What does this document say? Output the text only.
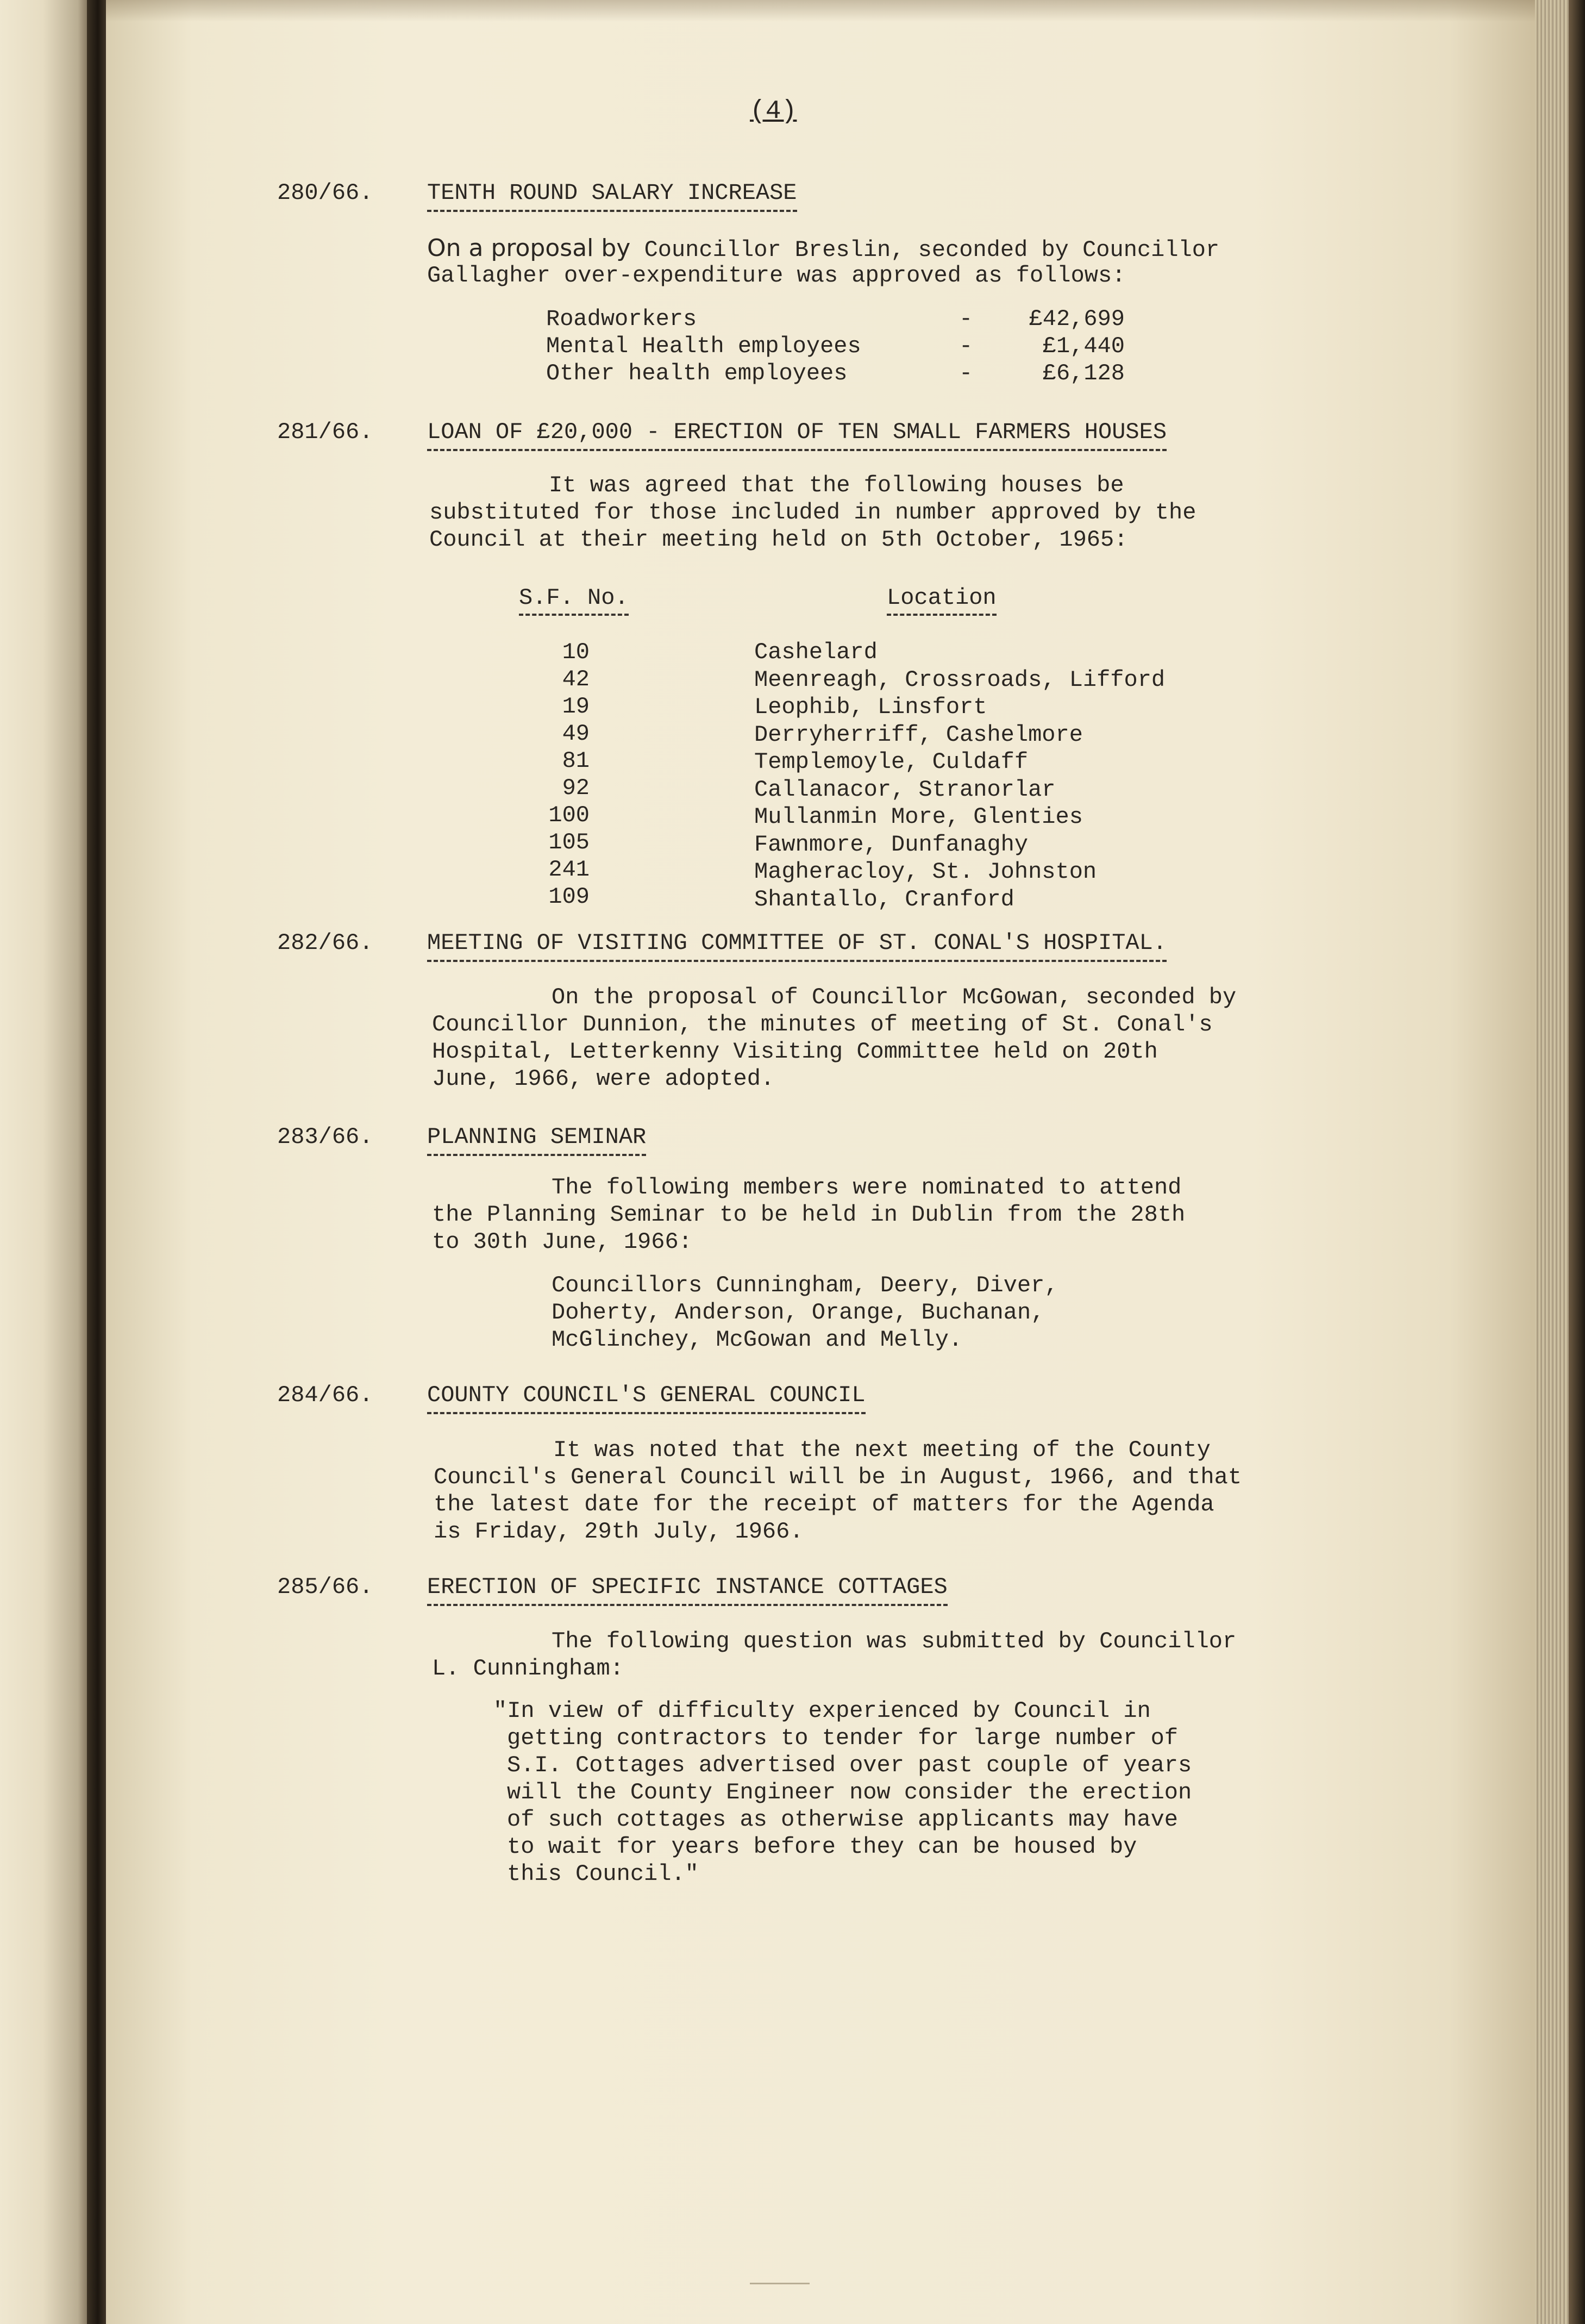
(4)
280/66. TENTH ROUND SALARY INCREASE
On a proposal by Councillor Breslin, seconded by Councillor
Gallagher over-expenditure was approved as follows:
Roadworkers
Mental Health employees
Other health employees
-
-
-
£42,699
£1,440
£6,128
281/66. LOAN OF £20,000 - ERECTION OF TEN SMALL FARMERS HOUSES
It was agreed that the following houses be
substituted for those included in number approved by the
Council at their meeting held on 5th October, 1965:
S.F. No.	Location
10
42
19
49
81
92
100
105
241
109
Cashelard
Meenreagh, Crossroads, Lifford
Leophib, Linsfort
Derryherriff, Cashelmore
Templemoyle, Culdaff
Callanacor, Stranorlar
Mullanmin More, Glenties
Fawnmore, Dunfanaghy
Magheracloy, St. Johnston
Shantallo, Cranford
282/66. MEETING OF VISITING COMMITTEE OF ST. CONAL'S HOSPITAL.
On the proposal of Councillor McGowan, seconded by
Councillor Dunnion, the minutes of meeting of St. Conal's
Hospital, Letterkenny Visiting Committee held on 20th
June, 1966, were adopted.
283/66. PLANNING SEMINAR
The following members were nominated to attend
the Planning Seminar to be held in Dublin from the 28th
to 30th June, 1966:
Councillors Cunningham, Deery, Diver,
Doherty, Anderson, Orange, Buchanan,
McGlinchey, McGowan and Melly.
284/66. COUNTY COUNCIL'S GENERAL COUNCIL
It was noted that the next meeting of the County
Council's General Council will be in August, 1966, and that
the latest date for the receipt of matters for the Agenda
is Friday, 29th July, 1966.
285/66. ERECTION OF SPECIFIC INSTANCE COTTAGES
The following question was submitted by Councillor
L. Cunningham:
"In view of difficulty experienced by Council in
getting contractors to tender for large number of
S.I. Cottages advertised over past couple of years
will the County Engineer now consider the erection
of such cottages as otherwise applicants may have
to wait for years before they can be housed by
this Council."
